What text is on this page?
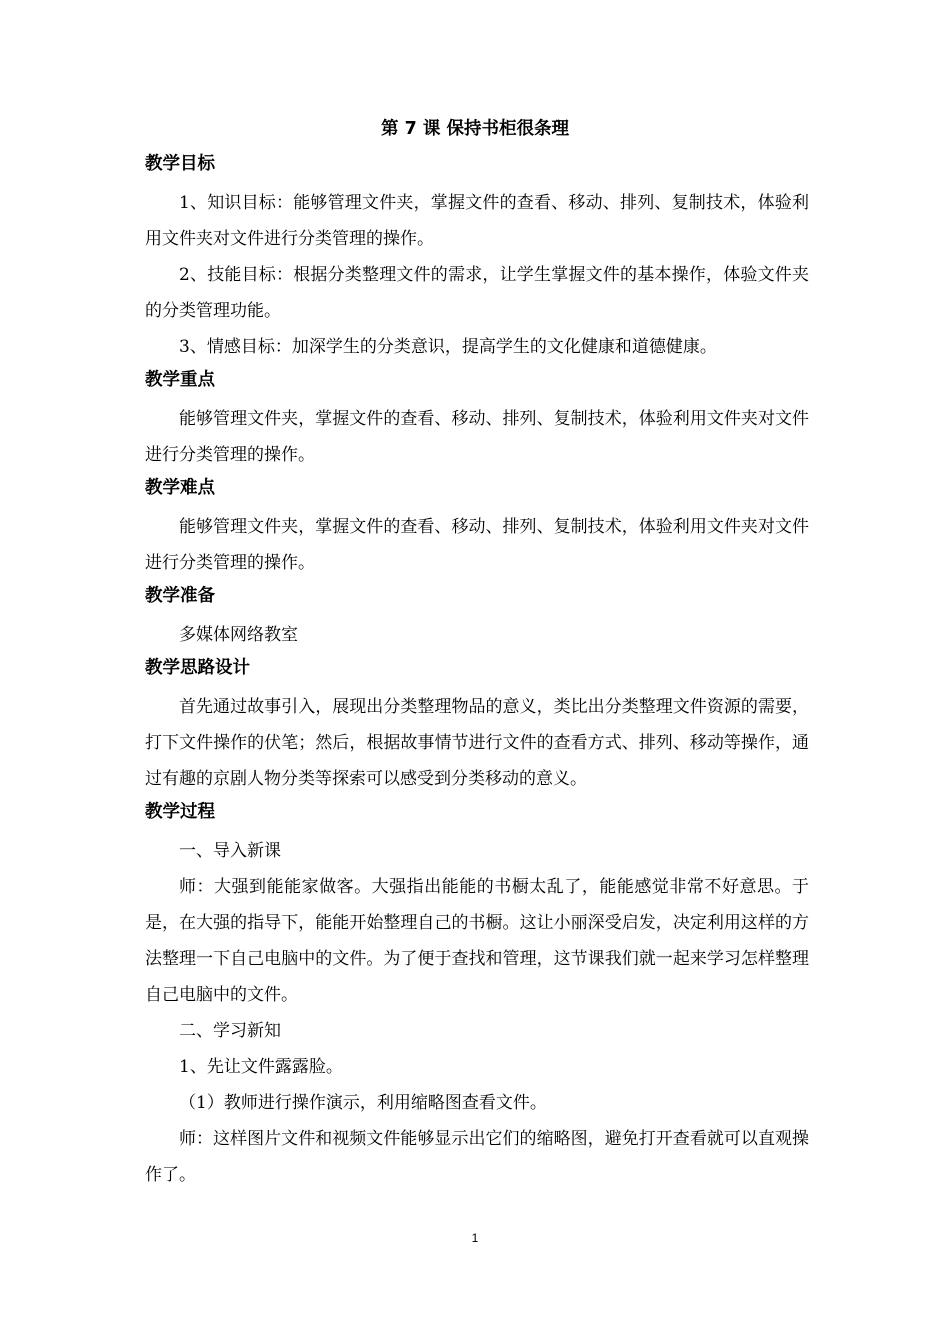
第 7 课 保持书柜很条理
教学目标

1、知识目标：能够管理文件夹，掌握文件的查看、移动、排列、复制技术，体验利用文件夹对文件进行分类管理的操作。

2、技能目标：根据分类整理文件的需求，让学生掌握文件的基本操作，体验文件夹的分类管理功能。

3、情感目标：加深学生的分类意识，提高学生的文化健康和道德健康。

教学重点

能够管理文件夹，掌握文件的查看、移动、排列、复制技术，体验利用文件夹对文件进行分类管理的操作。

教学难点

能够管理文件夹，掌握文件的查看、移动、排列、复制技术，体验利用文件夹对文件进行分类管理的操作。

教学准备

多媒体网络教室

教学思路设计

首先通过故事引入，展现出分类整理物品的意义，类比出分类整理文件资源的需要，打下文件操作的伏笔；然后，根据故事情节进行文件的查看方式、排列、移动等操作，通过有趣的京剧人物分类等探索可以感受到分类移动的意义。

教学过程

一、导入新课

师：大强到能能家做客。大强指出能能的书橱太乱了，能能感觉非常不好意思。于是，在大强的指导下，能能开始整理自己的书橱。这让小丽深受启发，决定利用这样的方法整理一下自己电脑中的文件。为了便于查找和管理，这节课我们就一起来学习怎样整理自己电脑中的文件。

二、学习新知

1、先让文件露露脸。

（1）教师进行操作演示，利用缩略图查看文件。

师：这样图片文件和视频文件能够显示出它们的缩略图，避免打开查看就可以直观操作了。

1
